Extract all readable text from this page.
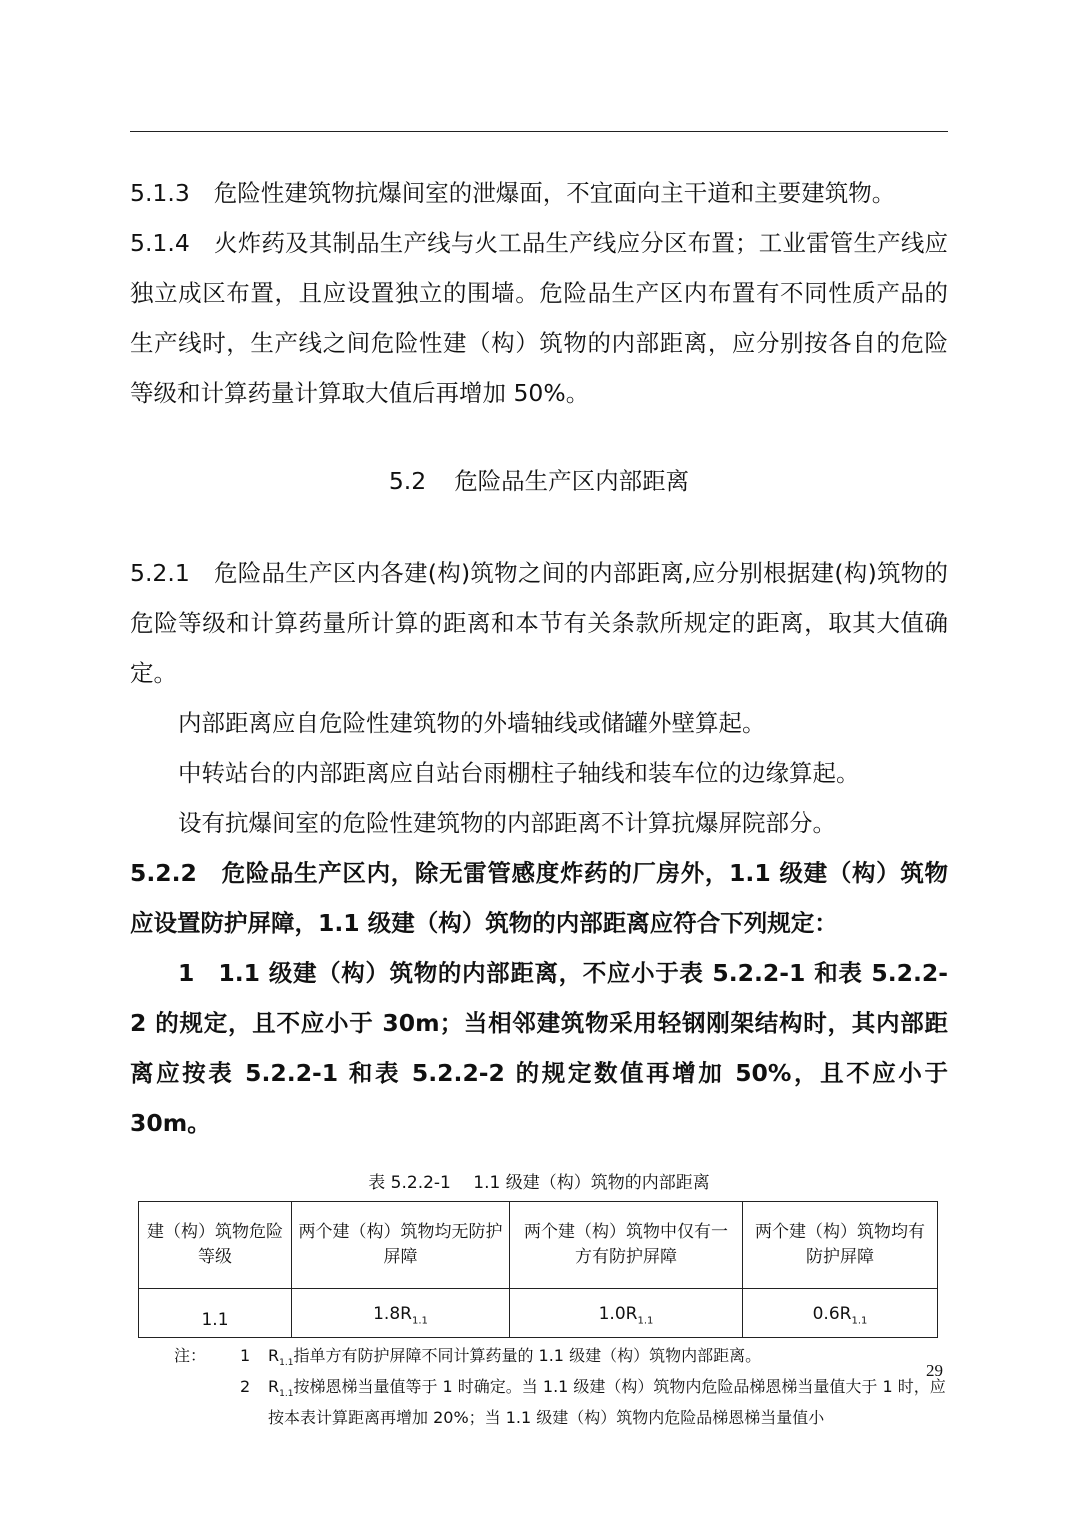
5.1.3 危险性建筑物抗爆间室的泄爆面，不宜面向主干道和主要建筑物。

5.1.4 火炸药及其制品生产线与火工品生产线应分区布置；工业雷管生产线应独立成区布置，且应设置独立的围墙。危险品生产区内布置有不同性质产品的生产线时，生产线之间危险性建（构）筑物的内部距离，应分别按各自的危险等级和计算药量计算取大值后再增加 50%。

5.2 危险品生产区内部距离

5.2.1 危险品生产区内各建(构)筑物之间的内部距离,应分别根据建(构)筑物的危险等级和计算药量所计算的距离和本节有关条款所规定的距离，取其大值确定。

内部距离应自危险性建筑物的外墙轴线或储罐外壁算起。

中转站台的内部距离应自站台雨棚柱子轴线和装车位的边缘算起。

设有抗爆间室的危险性建筑物的内部距离不计算抗爆屏院部分。

5.2.2 危险品生产区内，除无雷管感度炸药的厂房外，1.1 级建（构）筑物应设置防护屏障，1.1 级建（构）筑物的内部距离应符合下列规定：

1 1.1 级建（构）筑物的内部距离，不应小于表 5.2.2-1 和表 5.2.2-2 的规定，且不应小于 30m；当相邻建筑物采用轻钢刚架结构时，其内部距离应按表 5.2.2-1 和表 5.2.2-2 的规定数值再增加 50%，且不应小于 30m。

表 5.2.2-1　 1.1 级建（构）筑物的内部距离
建（构）筑物危险等级	两个建（构）筑物均无防护屏障	两个建（构）筑物中仅有一方有防护屏障	两个建（构）筑物均有防护屏障
1.1	$1.8R_{1.1}$	$1.0R_{1.1}$	$0.6R_{1.1}$
注：	1	$R_{1.1}$指单方有防护屏障不同计算药量的 1.1 级建（构）筑物内部距离。
2	$R_{1.1}$按梯恩梯当量值等于 1 时确定。当 1.1 级建（构）筑物内危险品梯恩梯当量值大于 1 时，应按本表计算距离再增加 20%；当 1.1 级建（构）筑物内危险品梯恩梯当量值小
29
